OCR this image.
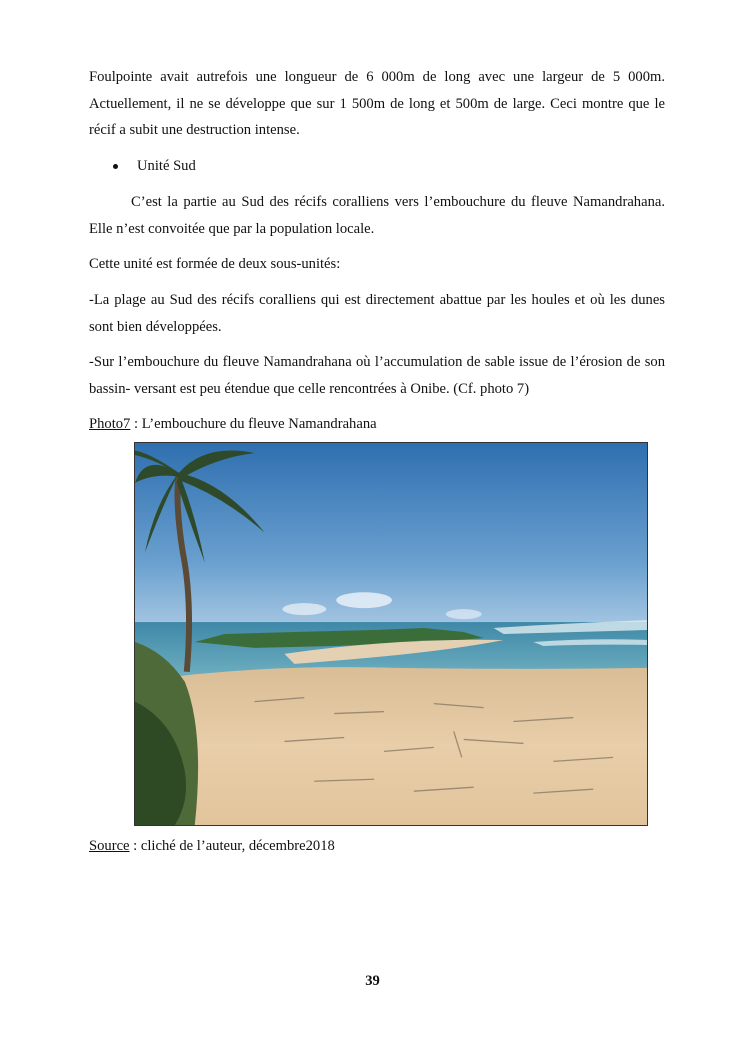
Foulpointe avait autrefois une longueur de 6 000m de long avec une largeur de 5 000m. Actuellement, il ne se développe que sur 1 500m de long et 500m de large. Ceci montre que le récif a subit une destruction intense.

Unité Sud

C’est la partie au Sud des récifs coralliens vers l’embouchure du fleuve Namandrahana. Elle n’est convoitée que par la population locale.

Cette unité est formée de deux sous-unités:

-La plage au Sud des récifs coralliens qui est directement abattue par les houles et où les dunes sont bien développées.

-Sur l’embouchure du fleuve Namandrahana où l’accumulation de sable issue de l’érosion de son bassin- versant est peu étendue que celle rencontrées à Onibe. (Cf. photo 7)

Photo7 : L’embouchure du fleuve Namandrahana

Source : cliché de l’auteur, décembre2018

39
